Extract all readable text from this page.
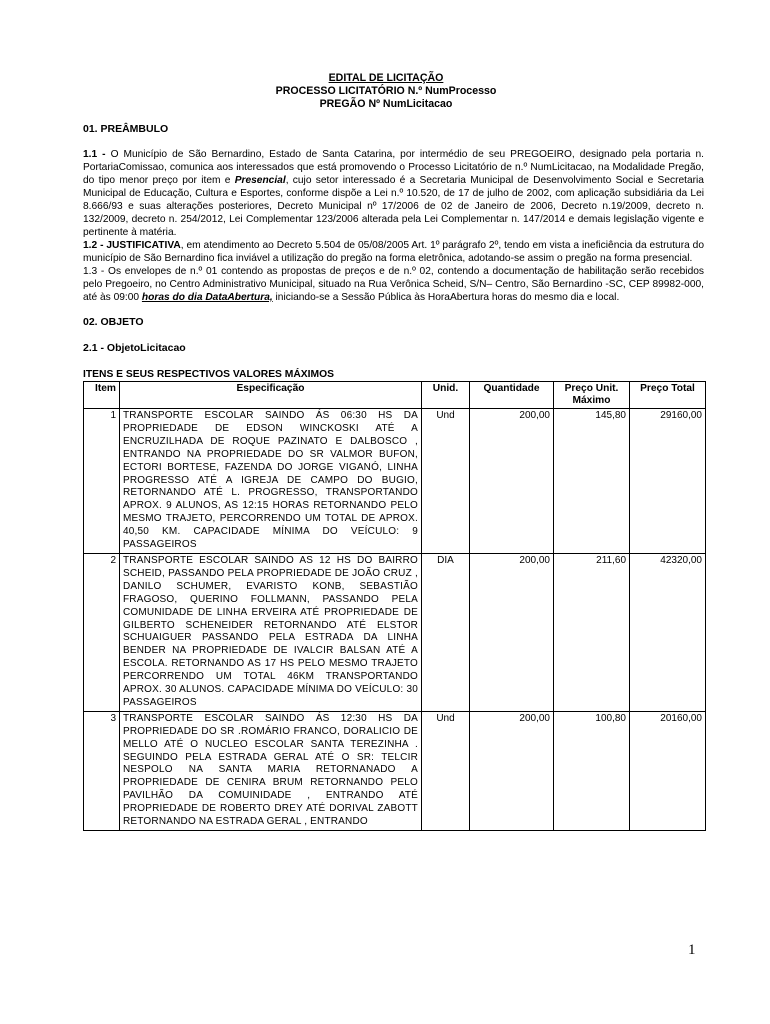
EDITAL DE LICITAÇÃO
PROCESSO LICITATÓRIO N.º NumProcesso
PREGÃO Nº NumLicitacao
01. PREÂMBULO
1.1 - O Município de São Bernardino, Estado de Santa Catarina, por intermédio de seu PREGOEIRO, designado pela portaria n. PortariaComissao, comunica aos interessados que está promovendo o Processo Licitatório de n.º NumLicitacao, na Modalidade Pregão, do tipo menor preço por item e Presencial, cujo setor interessado é a Secretaria Municipal de Desenvolvimento Social e Secretaria Municipal de Educação, Cultura e Esportes, conforme dispõe a Lei n.º 10.520, de 17 de julho de 2002, com aplicação subsidiária da Lei 8.666/93 e suas alterações posteriores, Decreto Municipal nº 17/2006 de 02 de Janeiro de 2006, Decreto n.19/2009, decreto n. 132/2009, decreto n. 254/2012, Lei Complementar 123/2006 alterada pela Lei Complementar n. 147/2014 e demais legislação vigente e pertinente à matéria.
1.2 - JUSTIFICATIVA, em atendimento ao Decreto 5.504 de 05/08/2005 Art. 1º parágrafo 2º, tendo em vista a ineficiência da estrutura do município de São Bernardino fica inviável a utilização do pregão na forma eletrônica, adotando-se assim o pregão na forma presencial.
1.3 - Os envelopes de n.º 01 contendo as propostas de preços e de n.º 02, contendo a documentação de habilitação serão recebidos pelo Pregoeiro, no Centro Administrativo Municipal, situado na Rua Verônica Scheid, S/N– Centro, São Bernardino -SC, CEP 89982-000, até às 09:00 horas do dia DataAbertura, iniciando-se a Sessão Pública às HoraAbertura horas do mesmo dia e local.
02. OBJETO
2.1 - ObjetoLicitacao
ITENS E SEUS RESPECTIVOS VALORES MÁXIMOS
Item	Especificação	Unid.	Quantidade	Preço Unit. Máximo	Preço Total
1	TRANSPORTE ESCOLAR SAINDO ÁS 06:30 HS DA PROPRIEDADE DE EDSON WINCKOSKI ATÉ A ENCRUZILHADA DE ROQUE PAZINATO E DALBOSCO , ENTRANDO NA PROPRIEDADE DO SR VALMOR BUFON, ECTORI BORTESE, FAZENDA DO JORGE VIGANÓ, LINHA PROGRESSO ATÉ A IGREJA DE CAMPO DO BUGIO, RETORNANDO ATÉ L. PROGRESSO, TRANSPORTANDO APROX. 9 ALUNOS, AS 12:15 HORAS RETORNANDO PELO MESMO TRAJETO, PERCORRENDO UM TOTAL DE APROX. 40,50 KM. CAPACIDADE MÍNIMA DO VEÍCULO: 9 PASSAGEIROS	Und	200,00	145,80	29160,00
2	TRANSPORTE ESCOLAR SAINDO AS 12 HS DO BAIRRO SCHEID, PASSANDO PELA PROPRIEDADE DE JOÃO CRUZ , DANILO SCHUMER, EVARISTO KONB, SEBASTIÃO FRAGOSO, QUERINO FOLLMANN, PASSANDO PELA COMUNIDADE DE LINHA ERVEIRA ATÉ PROPRIEDADE DE GILBERTO SCHENEIDER RETORNANDO ATÉ ELSTOR SCHUAIGUER PASSANDO PELA ESTRADA DA LINHA BENDER NA PROPRIEDADE DE IVALCIR BALSAN ATÉ A ESCOLA. RETORNANDO AS 17 HS PELO MESMO TRAJETO PERCORRENDO UM TOTAL 46KM TRANSPORTANDO APROX. 30 ALUNOS. CAPACIDADE MÍNIMA DO VEÍCULO: 30 PASSAGEIROS	DIA	200,00	211,60	42320,00
3	TRANSPORTE ESCOLAR SAINDO ÁS 12:30 HS DA PROPRIEDADE DO SR .ROMÁRIO FRANCO, DORALICIO DE MELLO ATÉ O NUCLEO ESCOLAR SANTA TEREZINHA . SEGUINDO PELA ESTRADA GERAL ATÉ O SR: TELCIR NESPOLO NA SANTA MARIA RETORNANADO A PROPRIEDADE DE CENIRA BRUM RETORNANDO PELO PAVILHÃO DA COMUINIDADE , ENTRANDO ATÉ PROPRIEDADE DE ROBERTO DREY ATÉ DORIVAL ZABOTT RETORNANDO NA ESTRADA GERAL , ENTRANDO	Und	200,00	100,80	20160,00
1
